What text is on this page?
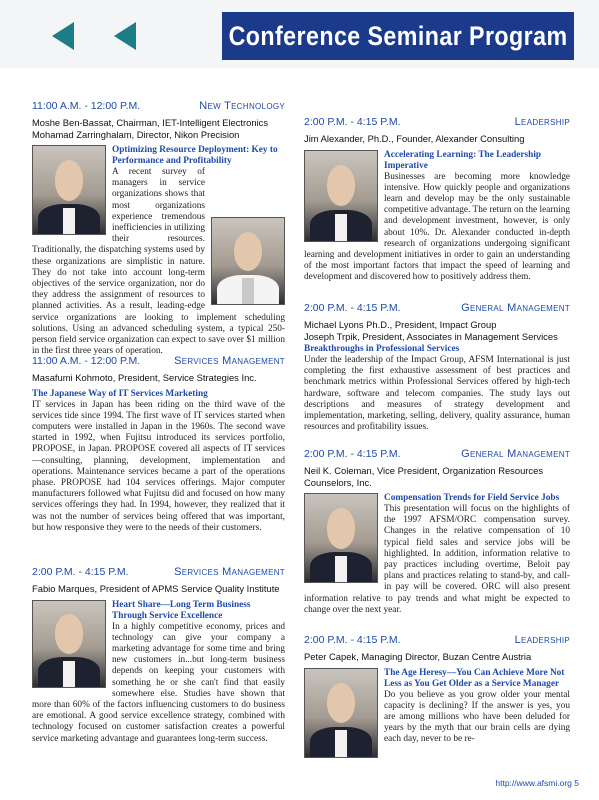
Conference Seminar Program
11:00 A.M. - 12:00 P.M.	New Technology
Moshe Ben-Bassat, Chairman, IET-Intelligent Electronics
Mohamad Zarringhalam, Director, Nikon Precision
Optimizing Resource Deployment: Key to Performance and Profitability
A recent survey of managers in service organizations shows that most organizations experience tremendous inefficiencies in utilizing their resources. Traditionally, the dispatching systems used by these organizations are simplistic in nature. They do not take into account long-term objectives of the service organization, nor do they address the assignment of resources to planned activities. As a result, leading-edge service organizations are looking to implement scheduling solutions. Using an advanced scheduling system, a typical 250-person field service organization can expect to save over $1 million in the first three years of operation.
11:00 A.M. - 12:00 P.M.	Services Management
Masafumi Kohmoto, President, Service Strategies Inc.
The Japanese Way of IT Services Marketing
IT services in Japan has been riding on the third wave of the services tide since 1994. The first wave of IT services started when computers were installed in Japan in the 1960s. The second wave started in 1992, when Fujitsu introduced its services portfolio, PROPOSE, in Japan. PROPOSE covered all aspects of IT services—consulting, planning, development, implementation and operations. Maintenance services became a part of the operations phase. PROPOSE had 104 services offerings. Major computer manufacturers followed what Fujitsu did and focused on how many services offerings they had. In 1994, however, they realized that it was not the number of services being offered that was important, but how responsive they were to the needs of their customers.
2:00 P.M. - 4:15 P.M.	Services Management
Fabio Marques, President of APMS Service Quality Institute
Heart Share—Long Term Business Through Service Excellence
In a highly competitive economy, prices and technology can give your company a marketing advantage for some time and bring new customers in...but long-term business depends on keeping your customers with something he or she can't find that easily somewhere else. Studies have shown that more than 60% of the factors influencing customers to do business are emotional. A good service excellence strategy, combined with technology focused on customer satisfaction creates a powerful service marketing advantage and guarantees long-term success.
2:00 P.M. - 4:15 P.M.	Leadership
Jim Alexander, Ph.D., Founder, Alexander Consulting
Accelerating Learning: The Leadership Imperative
Businesses are becoming more knowledge intensive. How quickly people and organizations learn and develop may be the only sustainable competitive advantage. The return on the learning and development investment, however, is only about 10%. Dr. Alexander conducted in-depth research of organizations undergoing significant learning and development initiatives in order to gain an understanding of the most important factors that impact the speed of learning and development and discovered how to positively address them.
2:00 P.M. - 4:15 P.M.	General Management
Michael Lyons Ph.D., President, Impact Group
Joseph Trpik, President, Associates in Management Services
Breakthroughs in Professional Services
Under the leadership of the Impact Group, AFSM International is just completing the first exhaustive assessment of best practices and benchmark metrics within Professional Services offered by high-tech hardware, software and telecom companies. The study lays out descriptions and measures of strategy development and implementation, marketing, selling, delivery, quality assurance, human resources and profitability issues.
2:00 P.M. - 4:15 P.M.	General Management
Neil K. Coleman, Vice President, Organization Resources Counselors, Inc.
Compensation Trends for Field Service Jobs
This presentation will focus on the highlights of the 1997 AFSM/ORC compensation survey. Changes in the relative compensation of 10 typical field sales and service jobs will be highlighted. In addition, information relative to pay practices including overtime, Beloit pay plans and practices relating to stand-by, and call-in pay will be covered. ORC will also present information relative to pay trends and what might be expected to change over the next year.
2:00 P.M. - 4:15 P.M.	Leadership
Peter Capek, Managing Director, Buzan Centre Austria
The Age Heresy—You Can Achieve More Not Less as You Get Older as a Service Manager
Do you believe as you grow older your mental capacity is declining? If the answer is yes, you are among millions who have been deluded for years by the myth that our brain cells are dying each day, never to be re-
http://www.afsmi.org 5
